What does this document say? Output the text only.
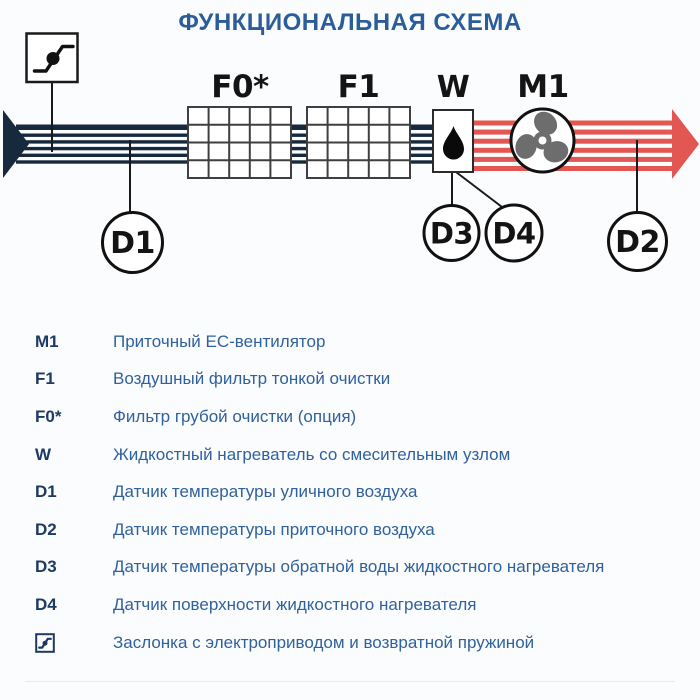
ФУНКЦИОНАЛЬНАЯ СХЕМА
F0* F1 W M1
D1	D2
D3 D4
M1	Приточный EC-вентилятор
F1	Воздушный фильтр тонкой очистки
F0*	Фильтр грубой очистки (опция)
W	Жидкостный нагреватель со смесительным узлом
D1	Датчик температуры уличного воздуха
D2	Датчик температуры приточного воздуха
D3	Датчик температуры обратной воды жидкостного нагревателя
D4	Датчик поверхности жидкостного нагревателя
Заслонка с электроприводом и возвратной пружиной
